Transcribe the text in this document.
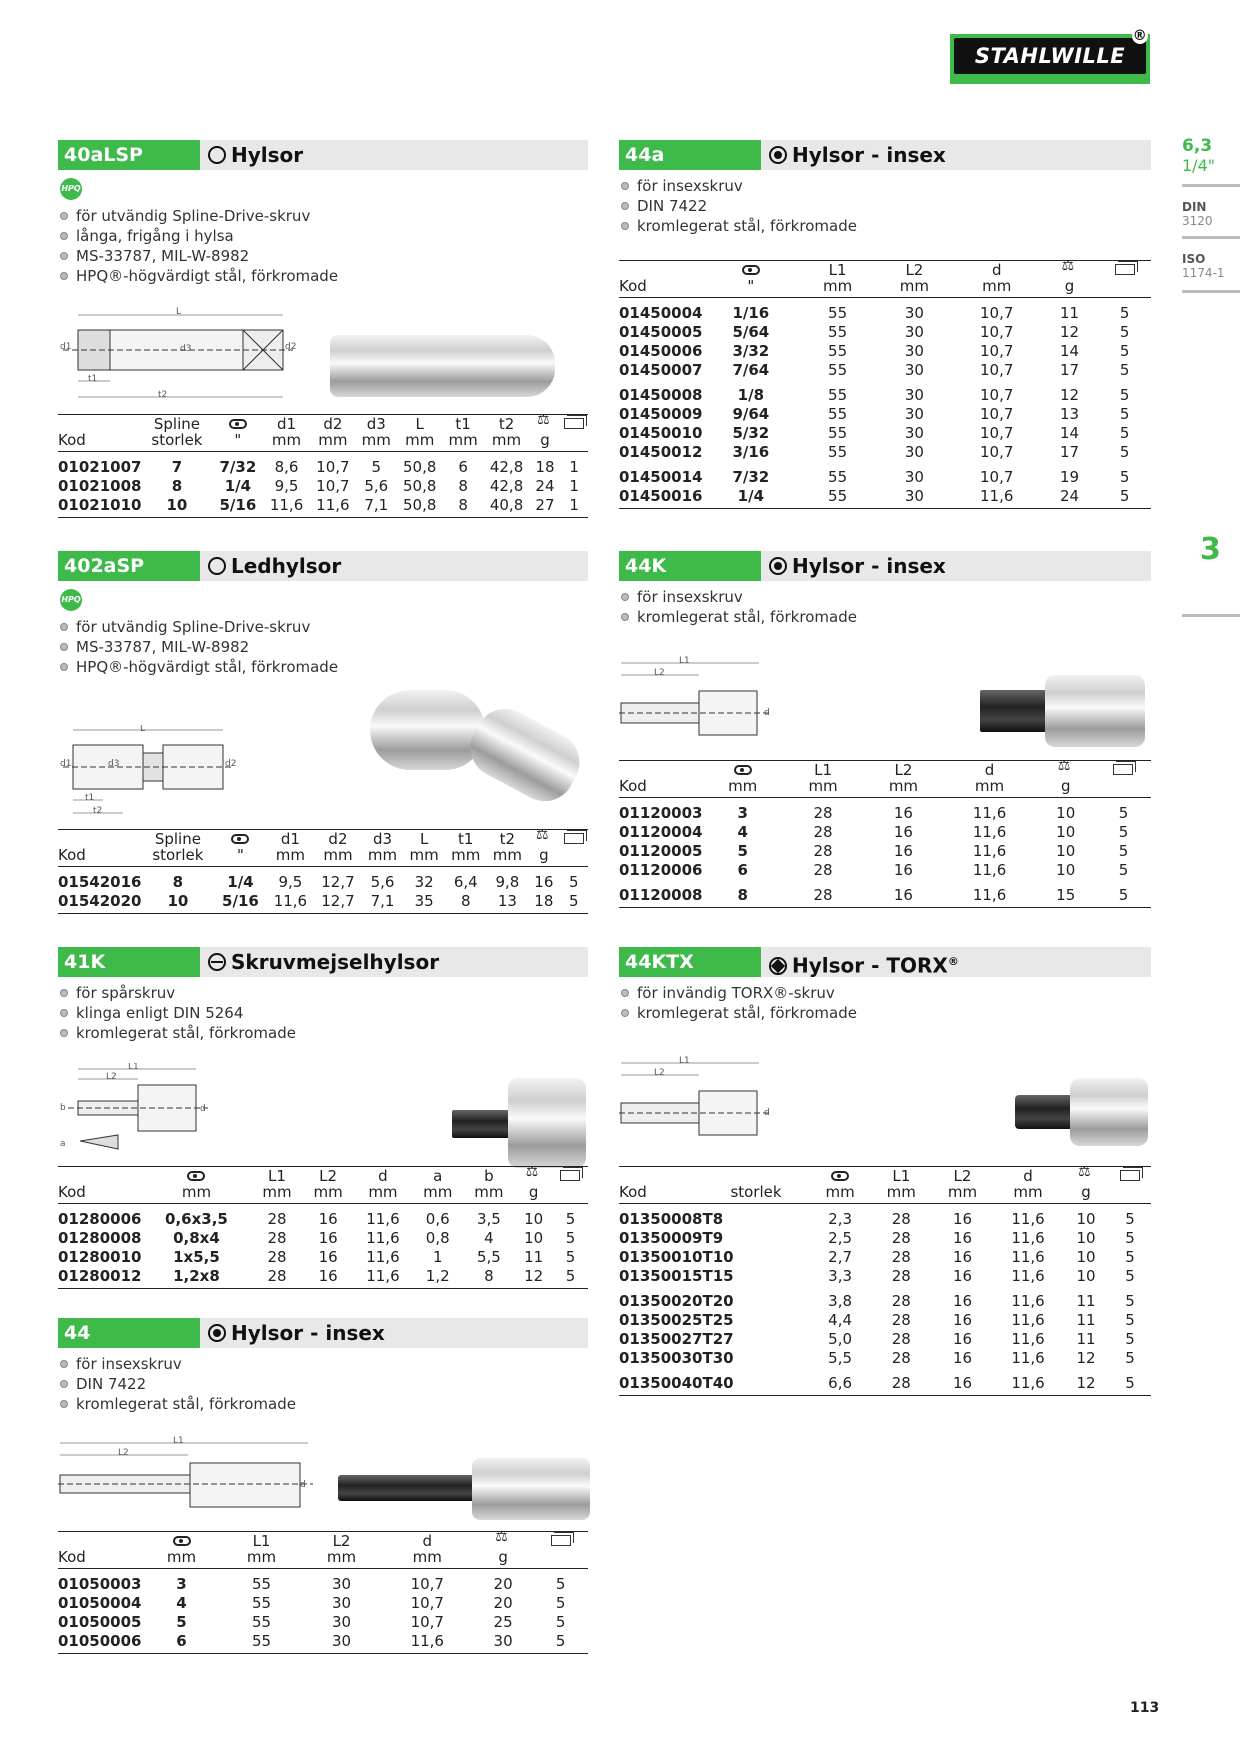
STAHLWILLE
®
6,3
1/4"
DIN
3120
ISO
1174-1
3
40aLSP	Hylsor
HPQ
för utvändig Spline-Drive-skruv
långa, frigång i hylsa
MS-33787, MIL-W-8982
HPQ®-högvärdigt stål, förkromade
L
d1	d3	d2
t1
t2
	Spline		d1	d2	d3	L	t1	t2	⚖	
Kod	storlek	"	mm	mm	mm	mm	mm	mm	g	
01021007	7	7/32	8,6	10,7	5	50,8	6	42,8	18	1
01021008	8	1/4	9,5	10,7	5,6	50,8	8	42,8	24	1
01021010	10	5/16	11,6	11,6	7,1	50,8	8	40,8	27	1
402aSP	Ledhylsor
HPQ
för utvändig Spline-Drive-skruv
MS-33787, MIL-W-8982
HPQ®-högvärdigt stål, förkromade
L
d1	d3	d2
t1
t2
	Spline		d1	d2	d3	L	t1	t2	⚖	
Kod	storlek	"	mm	mm	mm	mm	mm	mm	g	
01542016	8	1/4	9,5	12,7	5,6	32	6,4	9,8	16	5
01542020	10	5/16	11,6	12,7	7,1	35	8	13	18	5
41K	Skruvmejselhylsor
för spårskruv
klinga enligt DIN 5264
kromlegerat stål, förkromade
L1
L2
b	d
a
		L1	L2	d	a	b	⚖	
Kod	mm	mm	mm	mm	mm	mm	g	
01280006	0,6x3,5	28	16	11,6	0,6	3,5	10	5
01280008	0,8x4	28	16	11,6	0,8	4	10	5
01280010	1x5,5	28	16	11,6	1	5,5	11	5
01280012	1,2x8	28	16	11,6	1,2	8	12	5
44	Hylsor - insex
för insexskruv
DIN 7422
kromlegerat stål, förkromade
L1
L2
d
		L1	L2	d	⚖	
Kod	mm	mm	mm	mm	g	
01050003	3	55	30	10,7	20	5
01050004	4	55	30	10,7	20	5
01050005	5	55	30	10,7	25	5
01050006	6	55	30	11,6	30	5
44a	Hylsor - insex
för insexskruv
DIN 7422
kromlegerat stål, förkromade
		L1	L2	d	⚖	
Kod	"	mm	mm	mm	g	
01450004	1/16	55	30	10,7	11	5
01450005	5/64	55	30	10,7	12	5
01450006	3/32	55	30	10,7	14	5
01450007	7/64	55	30	10,7	17	5
01450008	1/8	55	30	10,7	12	5
01450009	9/64	55	30	10,7	13	5
01450010	5/32	55	30	10,7	14	5
01450012	3/16	55	30	10,7	17	5
01450014	7/32	55	30	10,7	19	5
01450016	1/4	55	30	11,6	24	5
44K	Hylsor - insex
för insexskruv
kromlegerat stål, förkromade
L1
L2
d
		L1	L2	d	⚖	
Kod	mm	mm	mm	mm	g	
01120003	3	28	16	11,6	10	5
01120004	4	28	16	11,6	10	5
01120005	5	28	16	11,6	10	5
01120006	6	28	16	11,6	10	5
01120008	8	28	16	11,6	15	5
44KTX	Hylsor - TORX®
för invändig TORX®-skruv
kromlegerat stål, förkromade
L1
L2
d
			L1	L2	d	⚖	
Kod	storlek	mm	mm	mm	mm	g	
01350008	T8	2,3	28	16	11,6	10	5
01350009	T9	2,5	28	16	11,6	10	5
01350010	T10	2,7	28	16	11,6	10	5
01350015	T15	3,3	28	16	11,6	10	5
01350020	T20	3,8	28	16	11,6	11	5
01350025	T25	4,4	28	16	11,6	11	5
01350027	T27	5,0	28	16	11,6	11	5
01350030	T30	5,5	28	16	11,6	12	5
01350040	T40	6,6	28	16	11,6	12	5
113
